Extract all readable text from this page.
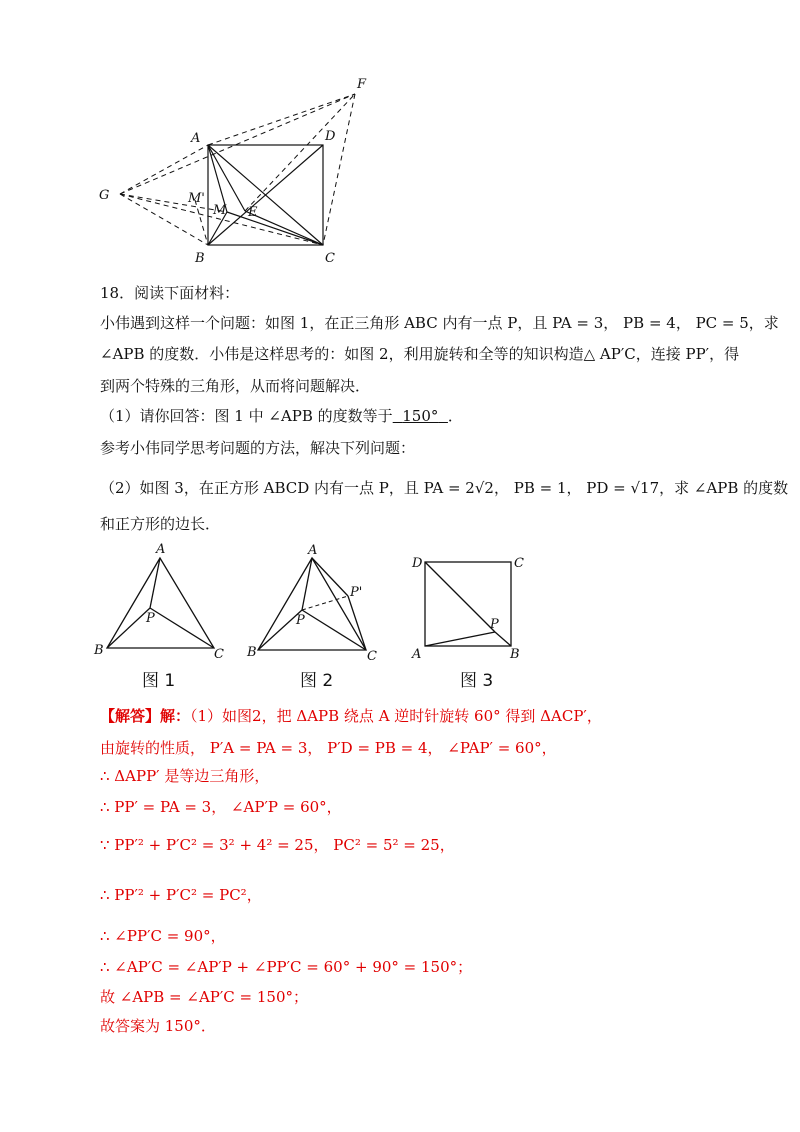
A
B	C
D
E
F
G
M
M'
18．阅读下面材料：
小伟遇到这样一个问题：如图 1，在正三角形 ABC 内有一点 P，且 PA = 3， PB = 4， PC = 5，求
∠APB 的度数．小伟是这样思考的：如图 2，利用旋转和全等的知识构造△ AP′C，连接 PP′，得
到两个特殊的三角形，从而将问题解决．
（1）请你回答：图 1 中 ∠APB 的度数等于 150° ．
参考小伟同学思考问题的方法，解决下列问题：
（2）如图 3，在正方形 ABCD 内有一点 P，且 PA = 2√2， PB = 1， PD = √17，求 ∠APB 的度数
和正方形的边长．
A
B	C
P
A
B	C
P
P'
D	C
A	B
P
图 1	图 2	图 3
【解答】解：（1）如图2，把 ΔAPB 绕点 A 逆时针旋转 60° 得到 ΔACP′，
由旋转的性质， P′A = PA = 3， P′D = PB = 4， ∠PAP′ = 60°，
∴ ΔAPP′ 是等边三角形，
∴ PP′ = PA = 3， ∠AP′P = 60°，
∵ PP′² + P′C² = 3² + 4² = 25， PC² = 5² = 25，
∴ PP′² + P′C² = PC²，
∴ ∠PP′C = 90°，
∴ ∠AP′C = ∠AP′P + ∠PP′C = 60° + 90° = 150°；
故 ∠APB = ∠AP′C = 150°；
故答案为 150°．
